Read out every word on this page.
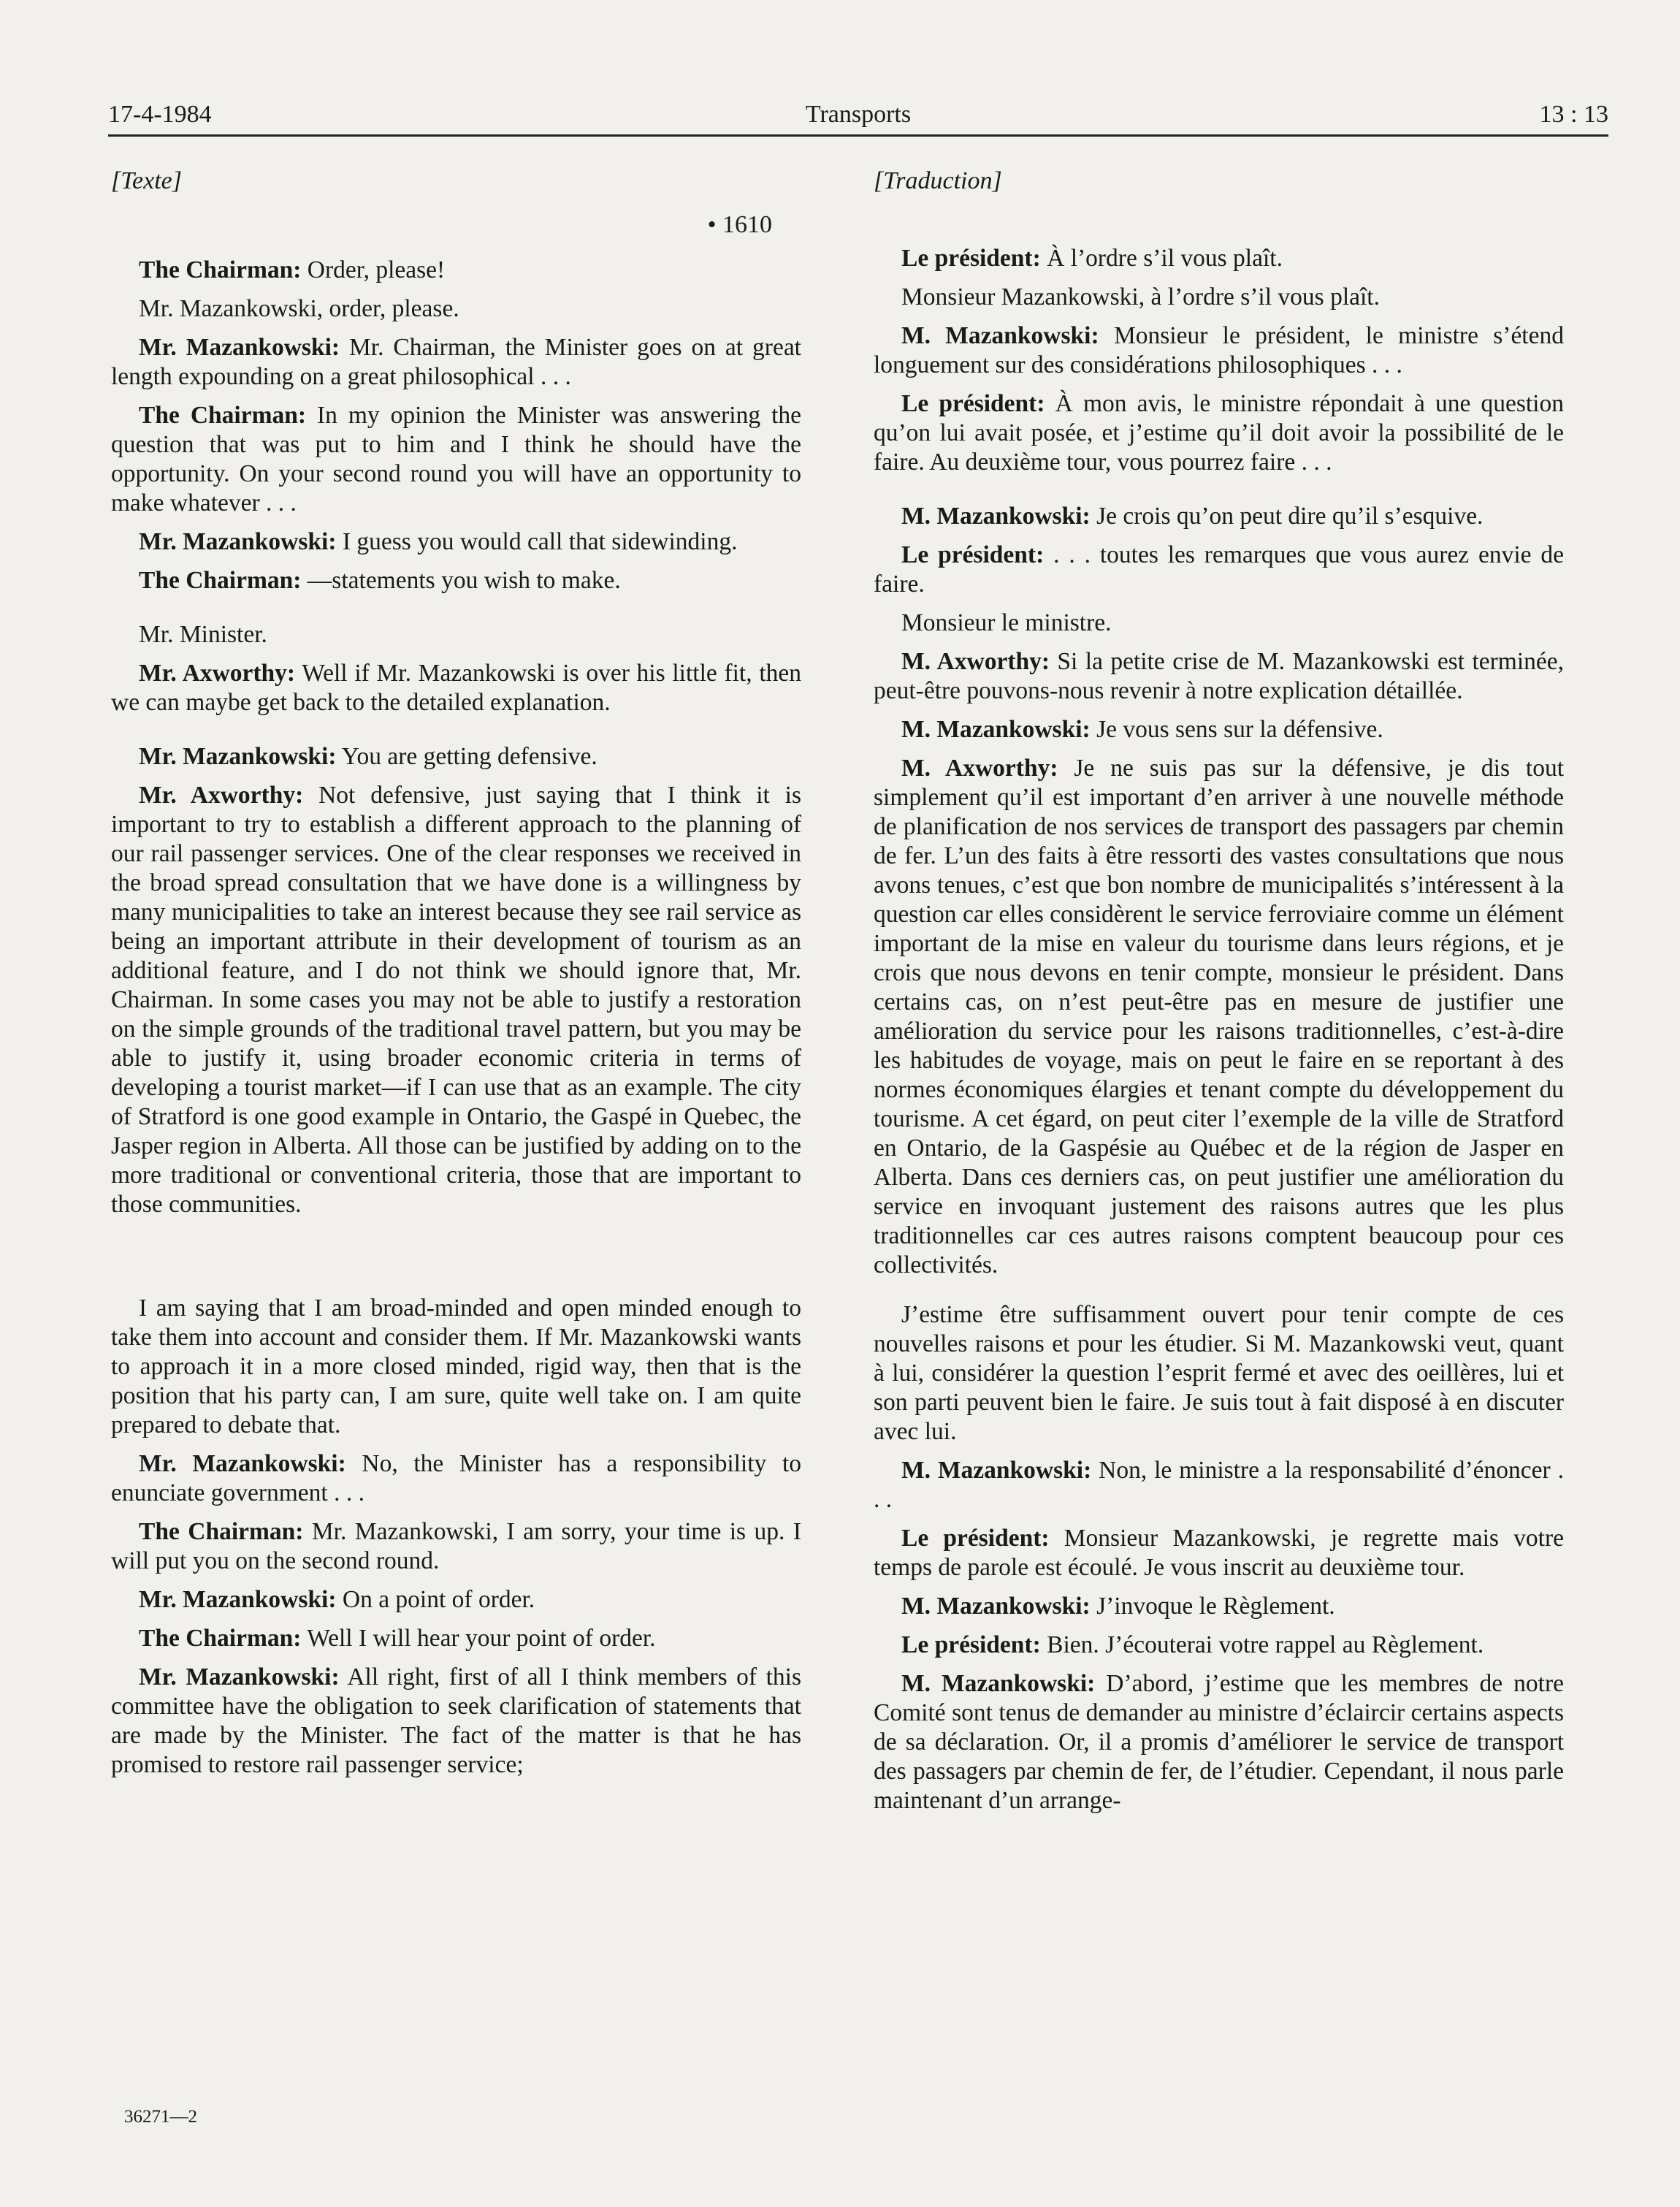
17-4-1984	Transports	13 : 13
[Texte]
• 1610

The Chairman: Order, please!

Mr. Mazankowski, order, please.

Mr. Mazankowski: Mr. Chairman, the Minister goes on at great length expounding on a great philosophical . . .

The Chairman: In my opinion the Minister was answering the question that was put to him and I think he should have the opportunity. On your second round you will have an opportunity to make whatever . . .

Mr. Mazankowski: I guess you would call that sidewinding.

The Chairman: —statements you wish to make.

Mr. Minister.

Mr. Axworthy: Well if Mr. Mazankowski is over his little fit, then we can maybe get back to the detailed explanation.

Mr. Mazankowski: You are getting defensive.

Mr. Axworthy: Not defensive, just saying that I think it is important to try to establish a different approach to the planning of our rail passenger services. One of the clear responses we received in the broad spread consultation that we have done is a willingness by many municipalities to take an interest because they see rail service as being an important attribute in their development of tourism as an additional feature, and I do not think we should ignore that, Mr. Chairman. In some cases you may not be able to justify a restoration on the simple grounds of the traditional travel pattern, but you may be able to justify it, using broader economic criteria in terms of developing a tourist market—if I can use that as an example. The city of Stratford is one good example in Ontario, the Gaspé in Quebec, the Jasper region in Alberta. All those can be justified by adding on to the more traditional or conventional criteria, those that are important to those communities.

I am saying that I am broad-minded and open minded enough to take them into account and consider them. If Mr. Mazankowski wants to approach it in a more closed minded, rigid way, then that is the position that his party can, I am sure, quite well take on. I am quite prepared to debate that.

Mr. Mazankowski: No, the Minister has a responsibility to enunciate government . . .

The Chairman: Mr. Mazankowski, I am sorry, your time is up. I will put you on the second round.

Mr. Mazankowski: On a point of order.

The Chairman: Well I will hear your point of order.

Mr. Mazankowski: All right, first of all I think members of this committee have the obligation to seek clarification of statements that are made by the Minister. The fact of the matter is that he has promised to restore rail passenger service;

[Traduction]

Le président: À l’ordre s’il vous plaît.

Monsieur Mazankowski, à l’ordre s’il vous plaît.

M. Mazankowski: Monsieur le président, le ministre s’étend longuement sur des considérations philosophiques . . .

Le président: À mon avis, le ministre répondait à une question qu’on lui avait posée, et j’estime qu’il doit avoir la possibilité de le faire. Au deuxième tour, vous pourrez faire . . .

M. Mazankowski: Je crois qu’on peut dire qu’il s’esquive.

Le président: . . . toutes les remarques que vous aurez envie de faire.

Monsieur le ministre.

M. Axworthy: Si la petite crise de M. Mazankowski est terminée, peut-être pouvons-nous revenir à notre explication détaillée.

M. Mazankowski: Je vous sens sur la défensive.

M. Axworthy: Je ne suis pas sur la défensive, je dis tout simplement qu’il est important d’en arriver à une nouvelle méthode de planification de nos services de transport des passagers par chemin de fer. L’un des faits à être ressorti des vastes consultations que nous avons tenues, c’est que bon nombre de municipalités s’intéressent à la question car elles considèrent le service ferroviaire comme un élément important de la mise en valeur du tourisme dans leurs régions, et je crois que nous devons en tenir compte, monsieur le président. Dans certains cas, on n’est peut-être pas en mesure de justifier une amélioration du service pour les raisons traditionnelles, c’est-à-dire les habitudes de voyage, mais on peut le faire en se reportant à des normes économiques élargies et tenant compte du développement du tourisme. A cet égard, on peut citer l’exemple de la ville de Stratford en Ontario, de la Gaspésie au Québec et de la région de Jasper en Alberta. Dans ces derniers cas, on peut justifier une amélioration du service en invoquant justement des raisons autres que les plus traditionnelles car ces autres raisons comptent beaucoup pour ces collectivités.

J’estime être suffisamment ouvert pour tenir compte de ces nouvelles raisons et pour les étudier. Si M. Mazankowski veut, quant à lui, considérer la question l’esprit fermé et avec des oeillères, lui et son parti peuvent bien le faire. Je suis tout à fait disposé à en discuter avec lui.

M. Mazankowski: Non, le ministre a la responsabilité d’énoncer . . .

Le président: Monsieur Mazankowski, je regrette mais votre temps de parole est écoulé. Je vous inscrit au deuxième tour.

M. Mazankowski: J’invoque le Règlement.

Le président: Bien. J’écouterai votre rappel au Règlement.

M. Mazankowski: D’abord, j’estime que les membres de notre Comité sont tenus de demander au ministre d’éclaircir certains aspects de sa déclaration. Or, il a promis d’améliorer le service de transport des passagers par chemin de fer, de l’étudier. Cependant, il nous parle maintenant d’un arrange-

36271—2
